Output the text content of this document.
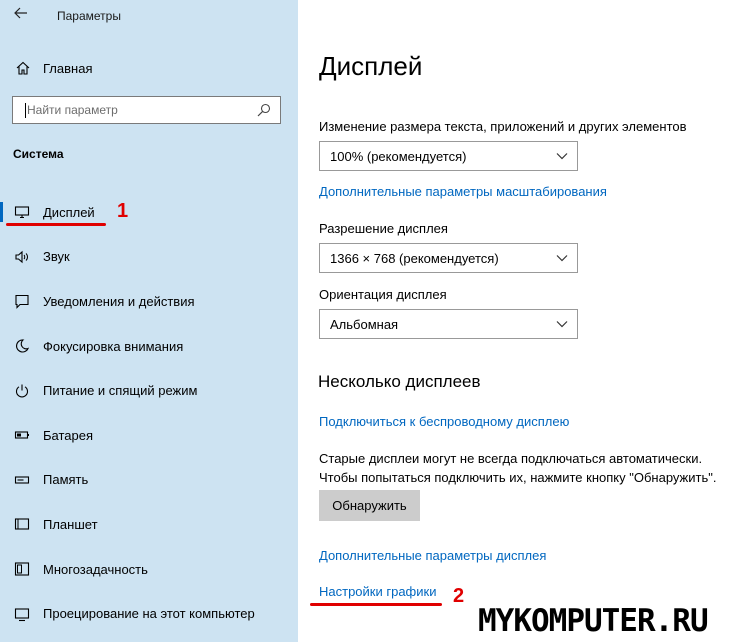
Параметры
Главная
Найти параметр
Система
Дисплей
Звук
Уведомления и действия
Фокусировка внимания
Питание и спящий режим
Батарея
Память
Планшет
Многозадачность
Проецирование на этот компьютер
1
Дисплей
Изменение размера текста, приложений и других элементов
100% (рекомендуется)
Дополнительные параметры масштабирования
Разрешение дисплея
1366 × 768 (рекомендуется)
Ориентация дисплея
Альбомная
Несколько дисплеев
Подключиться к беспроводному дисплею
Старые дисплеи могут не всегда подключаться автоматически.
Чтобы попытаться подключить их, нажмите кнопку "Обнаружить".
Обнаружить
Дополнительные параметры дисплея
Настройки графики 2
MYKOMPUTER.RU
